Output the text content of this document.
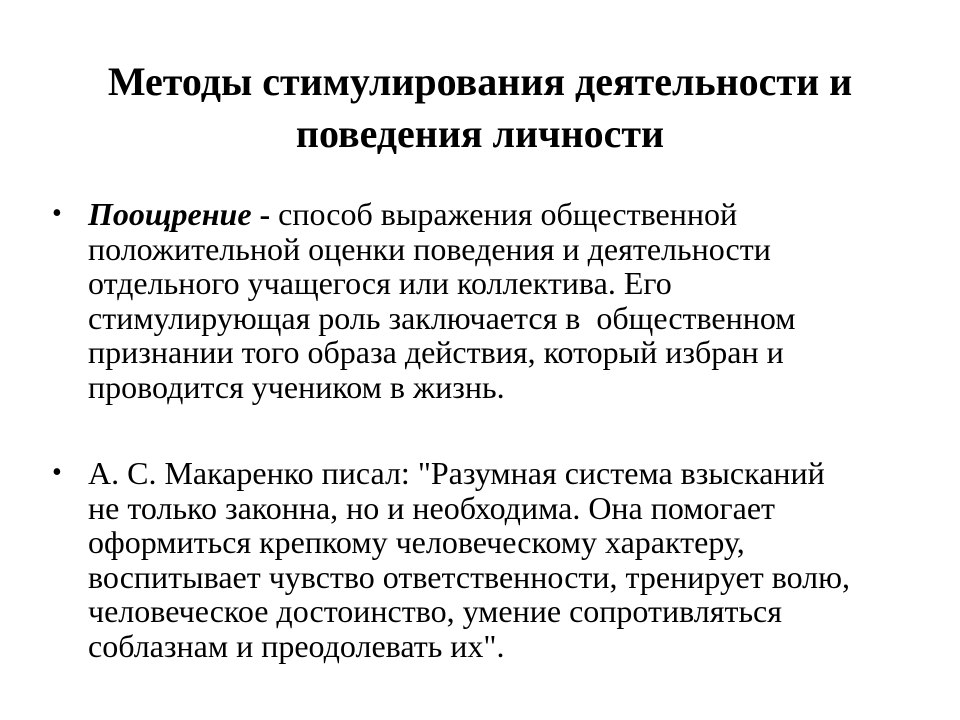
Методы стимулирования деятельности и
поведения личности
• Поощрение - способ выражения общественной
положительной оценки поведения и деятельности
отдельного учащегося или коллектива. Его
стимулирующая роль заключается в  общественном
признании того образа действия, который избран и
проводится учеником в жизнь.
• А. С. Макаренко писал: "Разумная система взысканий
не только законна, но и необходима. Она помогает
оформиться крепкому человеческому характеру,
воспитывает чувство ответственности, тренирует волю,
человеческое достоинство, умение сопротивляться
соблазнам и преодолевать их".
